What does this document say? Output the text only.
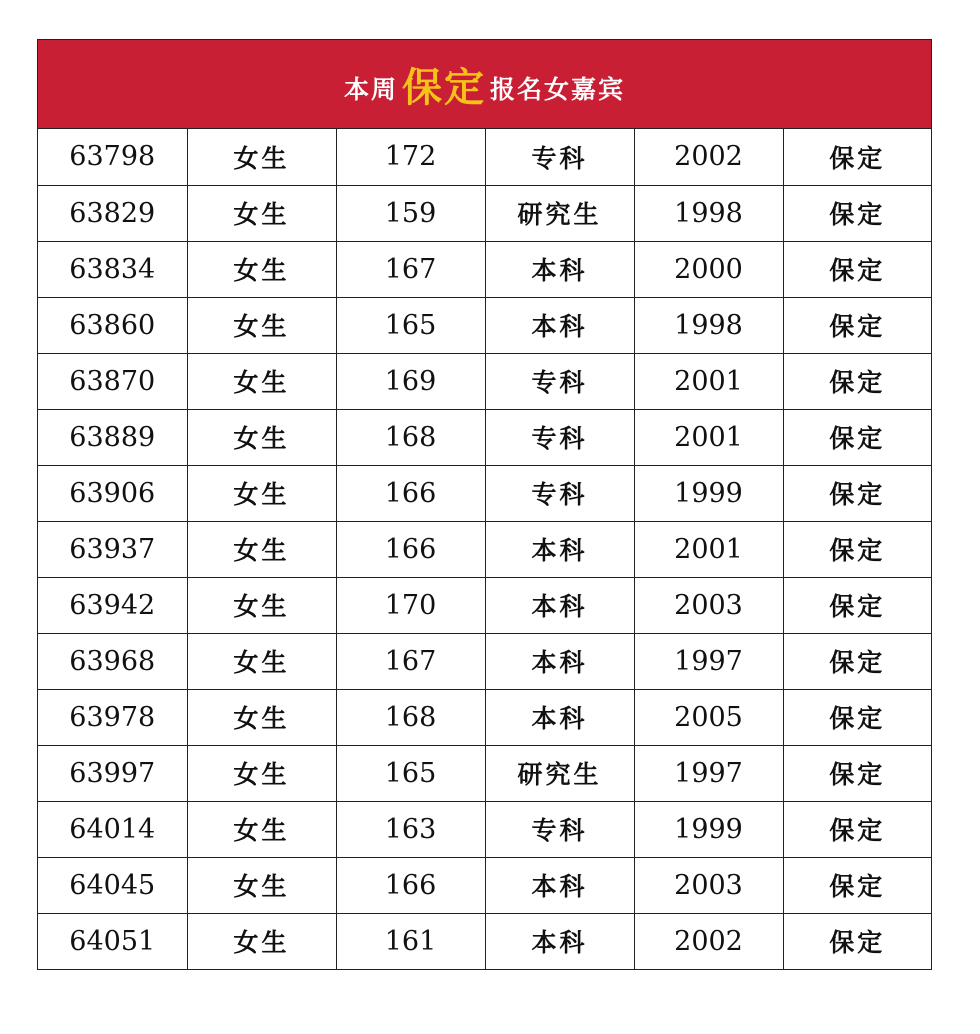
本周 保定 报名女嘉宾
63798	女生	172	专科	2002	保定
63829	女生	159	研究生	1998	保定
63834	女生	167	本科	2000	保定
63860	女生	165	本科	1998	保定
63870	女生	169	专科	2001	保定
63889	女生	168	专科	2001	保定
63906	女生	166	专科	1999	保定
63937	女生	166	本科	2001	保定
63942	女生	170	本科	2003	保定
63968	女生	167	本科	1997	保定
63978	女生	168	本科	2005	保定
63997	女生	165	研究生	1997	保定
64014	女生	163	专科	1999	保定
64045	女生	166	本科	2003	保定
64051	女生	161	本科	2002	保定
